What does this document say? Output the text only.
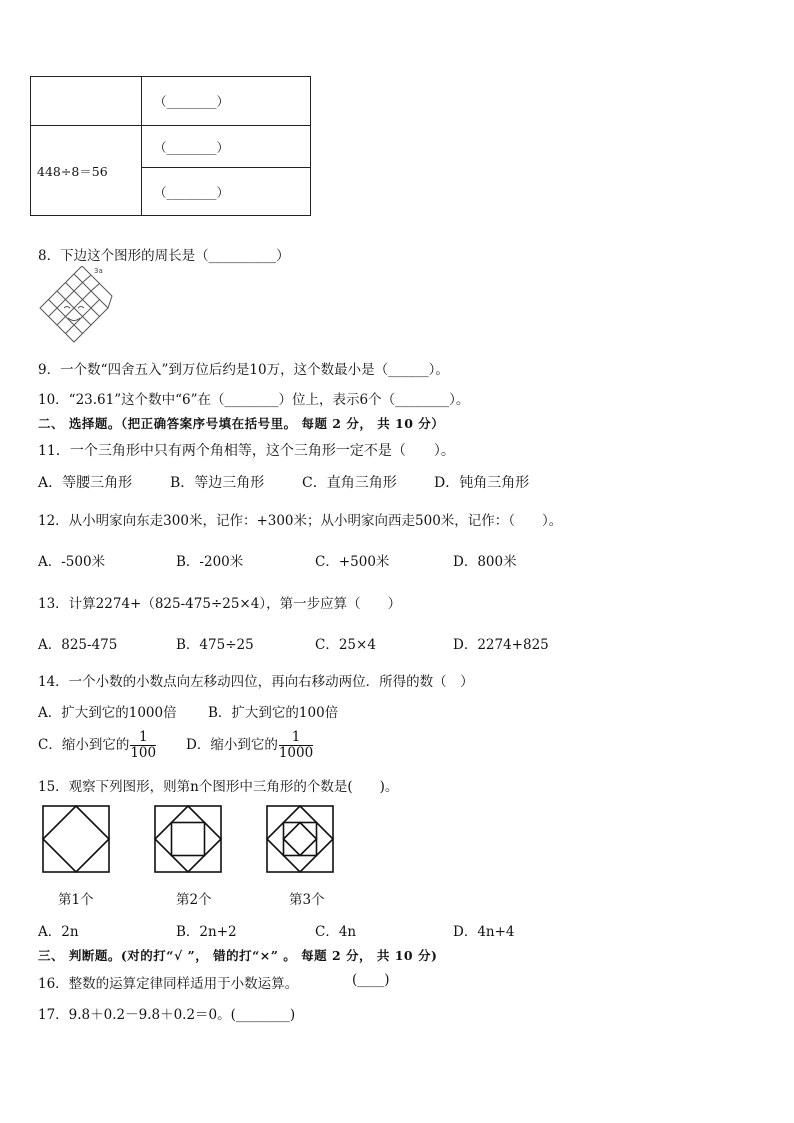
	（________）
448÷8＝56	（________）
	（________）
8．下边这个图形的周长是（__________）
3a
9．一个数“四舍五入”到万位后约是10万，这个数最小是（______）。
10．“23.61”这个数中“6”在（________）位上，表示6个（________）。
二、 选择题。（把正确答案序号填在括号里。 每题 2 分， 共 10 分）
11．一个三角形中只有两个角相等，这个三角形一定不是（　　）。
A．等腰三角形	B．等边三角形	C．直角三角形	D．钝角三角形
12．从小明家向东走300米，记作：+300米；从小明家向西走500米，记作：（　　）。
A．-500米	B．-200米	C．+500米	D．800米
13．计算2274+（825-475÷25×4），第一步应算（　　）
A．825-475	B．475÷25	C．25×4	D．2274+825
14．一个小数的小数点向左移动四位，再向右移动两位．所得的数（　）
A．扩大到它的1000倍 B．扩大到它的100倍
C．缩小到它的 $\frac{1}{100}$ D．缩小到它的 $\frac{1}{1000}$
15．观察下列图形，则第n个图形中三角形的个数是(　　)。
第1个	第2个	第3个
A．2n	B．2n+2	C．4n	D．4n+4
三、 判断题。(对的打“√ ”， 错的打“×” 。 每题 2 分， 共 10 分)
16．整数的运算定律同样适用于小数运算。	(____)
17．9.8＋0.2－9.8＋0.2＝0。(________)
